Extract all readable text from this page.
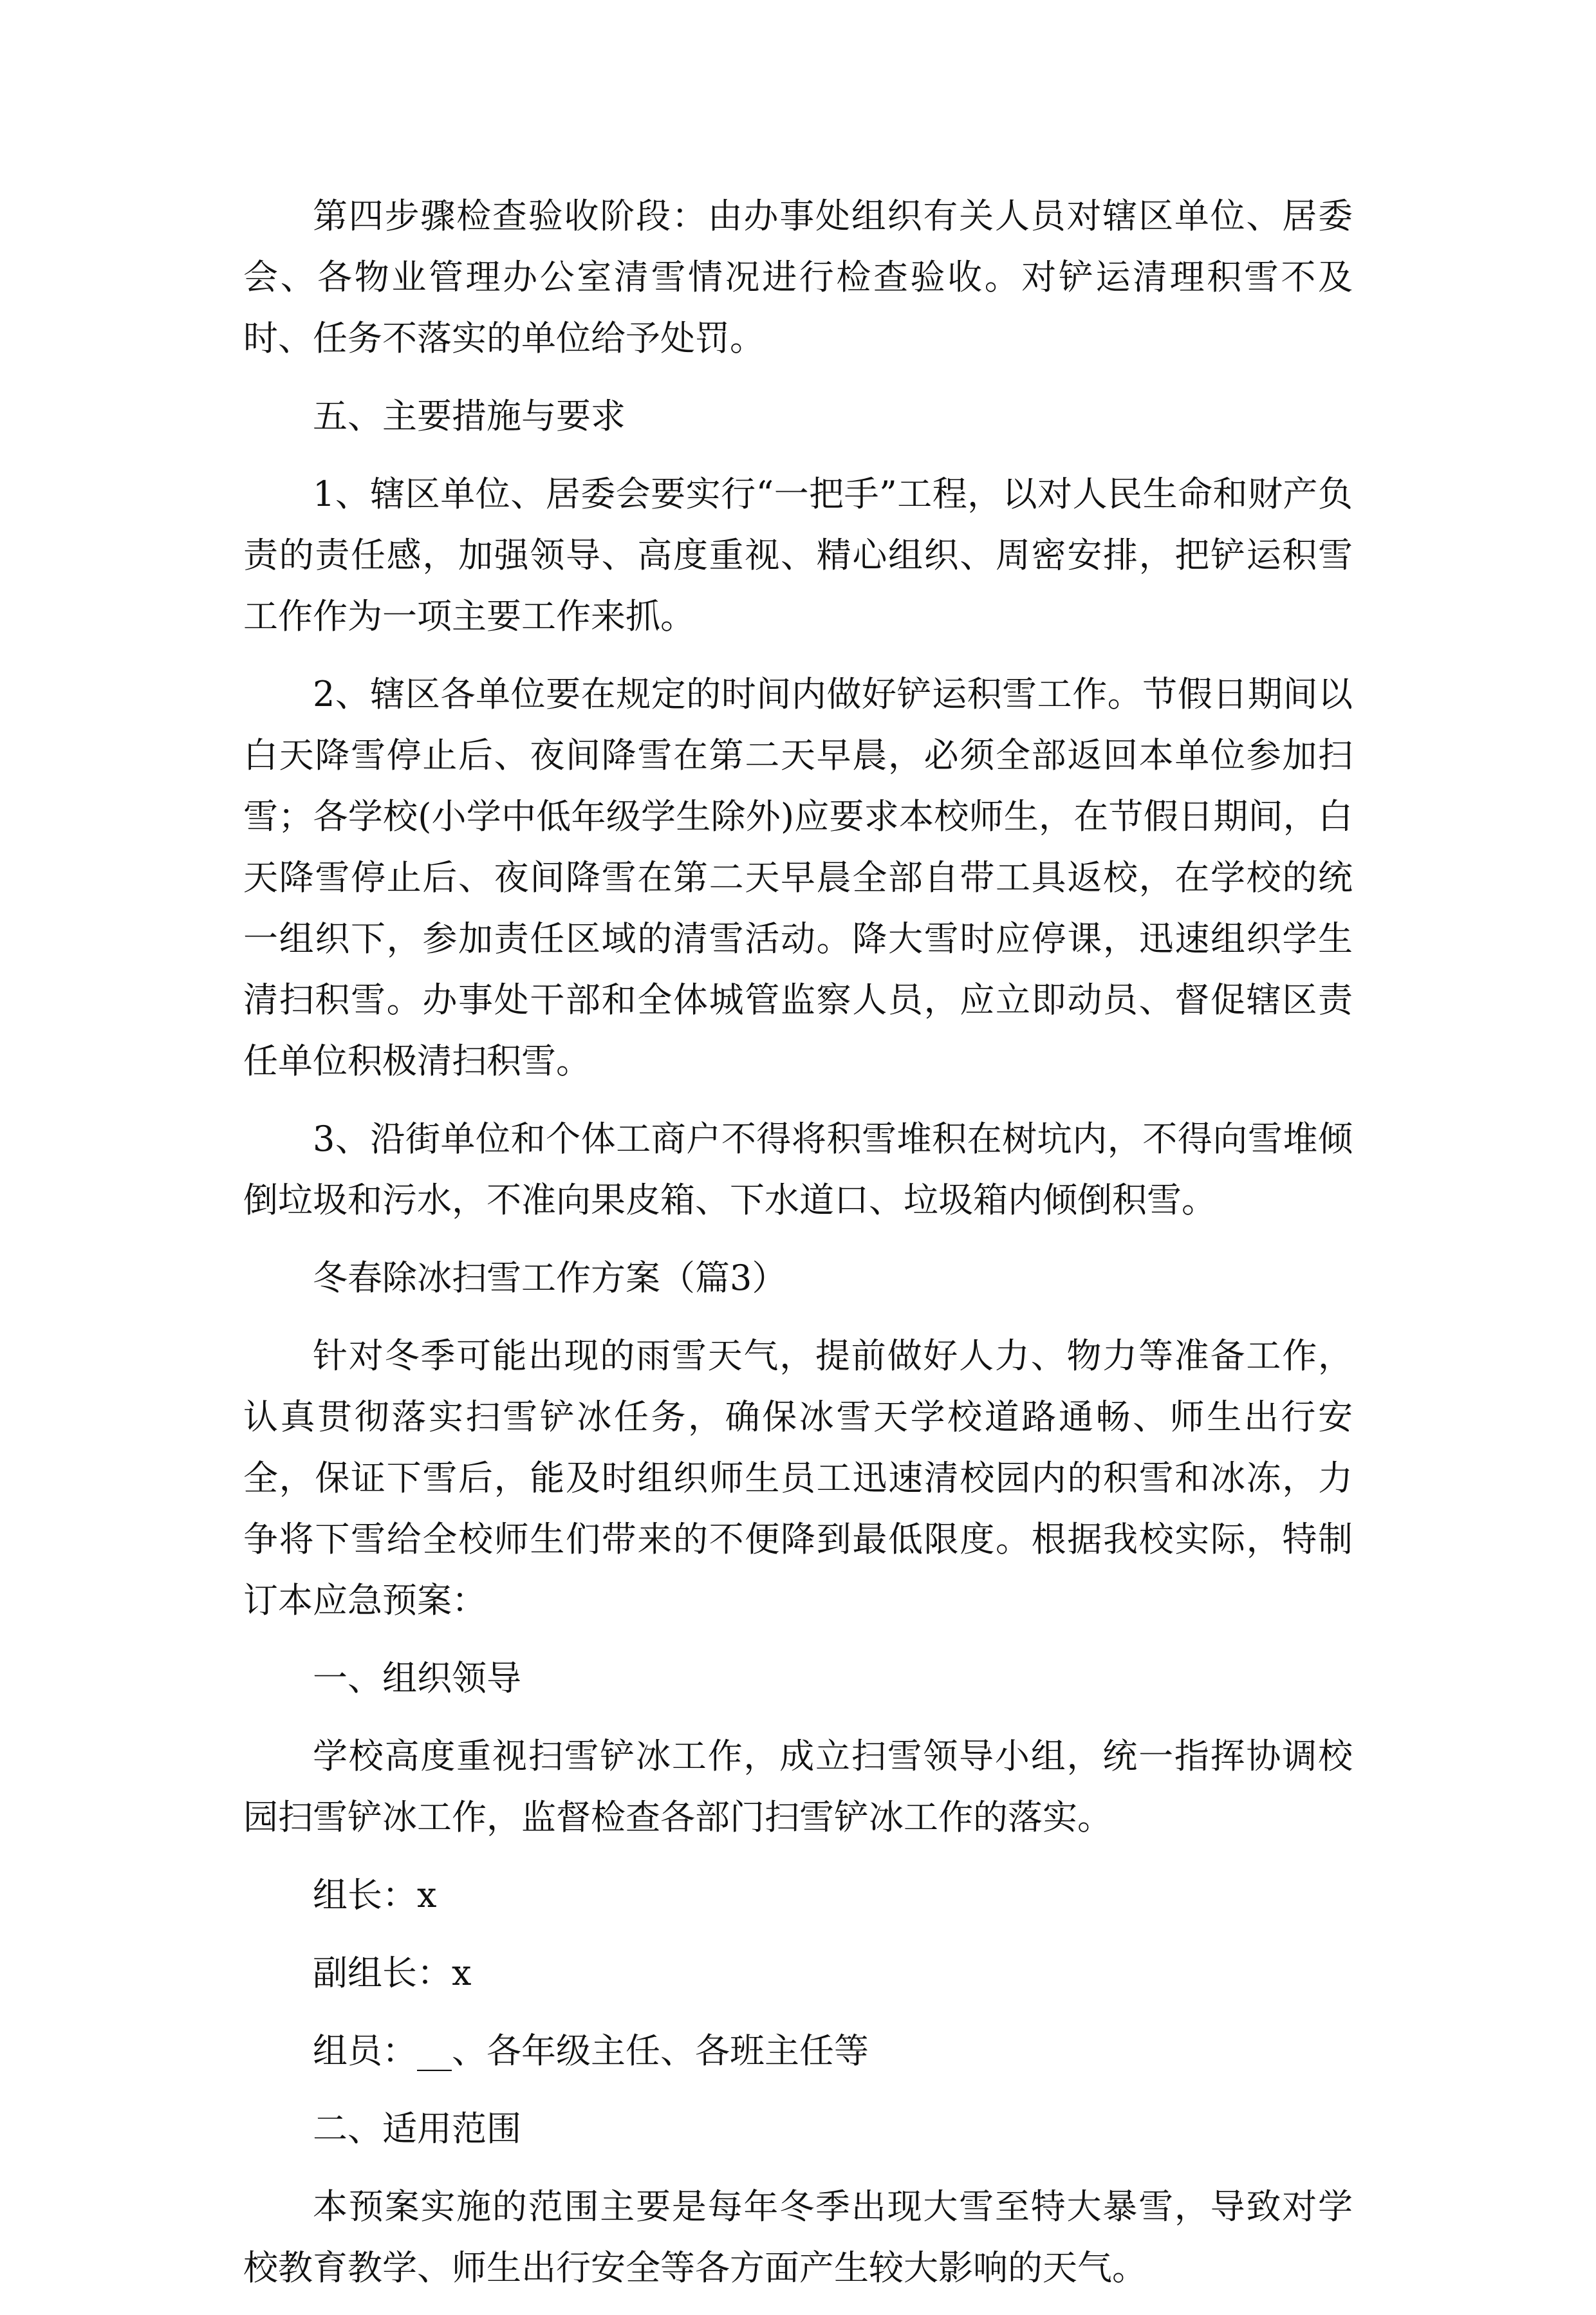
第四步骤检查验收阶段：由办事处组织有关人员对辖区单位、居委会、各物业管理办公室清雪情况进行检查验收。对铲运清理积雪不及时、任务不落实的单位给予处罚。

五、主要措施与要求

1、辖区单位、居委会要实行“一把手”工程，以对人民生命和财产负责的责任感，加强领导、高度重视、精心组织、周密安排，把铲运积雪工作作为一项主要工作来抓。

2、辖区各单位要在规定的时间内做好铲运积雪工作。节假日期间以白天降雪停止后、夜间降雪在第二天早晨，必须全部返回本单位参加扫雪；各学校(小学中低年级学生除外)应要求本校师生，在节假日期间，白天降雪停止后、夜间降雪在第二天早晨全部自带工具返校，在学校的统一组织下，参加责任区域的清雪活动。降大雪时应停课，迅速组织学生清扫积雪。办事处干部和全体城管监察人员，应立即动员、督促辖区责任单位积极清扫积雪。

3、沿街单位和个体工商户不得将积雪堆积在树坑内，不得向雪堆倾倒垃圾和污水，不准向果皮箱、下水道口、垃圾箱内倾倒积雪。

冬春除冰扫雪工作方案（篇3）

针对冬季可能出现的雨雪天气，提前做好人力、物力等准备工作，认真贯彻落实扫雪铲冰任务，确保冰雪天学校道路通畅、师生出行安全，保证下雪后，能及时组织师生员工迅速清校园内的积雪和冰冻，力争将下雪给全校师生们带来的不便降到最低限度。根据我校实际，特制订本应急预案：

一、组织领导

学校高度重视扫雪铲冰工作，成立扫雪领导小组，统一指挥协调校园扫雪铲冰工作，监督检查各部门扫雪铲冰工作的落实。

组长：x

副组长：x

组员：__、各年级主任、各班主任等

二、适用范围

本预案实施的范围主要是每年冬季出现大雪至特大暴雪，导致对学校教育教学、师生出行安全等各方面产生较大影响的天气。
